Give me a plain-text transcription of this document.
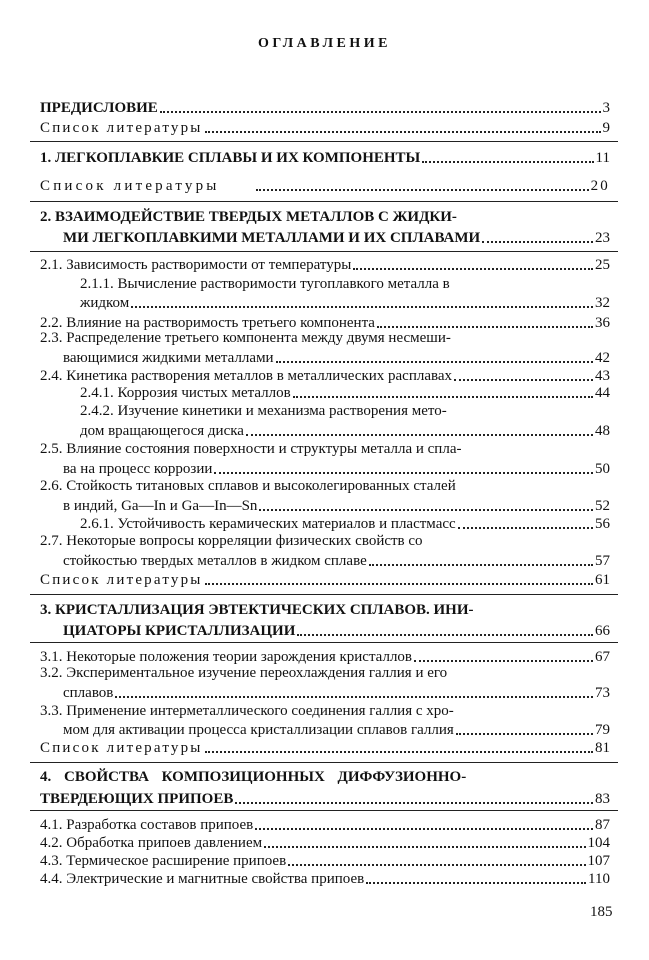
ОГЛАВЛЕНИЕ
ПРЕДИСЛОВИЕ	3
Список литературы	9
1. ЛЕГКОПЛАВКИЕ СПЛАВЫ И ИХ КОМПОНЕНТЫ	11
Список литературы	20
2. ВЗАИМОДЕЙСТВИЕ ТВЕРДЫХ МЕТАЛЛОВ С ЖИДКИ-
МИ ЛЕГКОПЛАВКИМИ МЕТАЛЛАМИ И ИХ СПЛАВАМИ	23
2.1. Зависимость растворимости от температуры	25
2.1.1. Вычисление растворимости тугоплавкого металла в
жидком	32
2.2. Влияние на растворимость третьего компонента	36
2.3. Распределение третьего компонента между двумя несмеши-
вающимися жидкими металлами	42
2.4. Кинетика растворения металлов в металлических расплавах	43
2.4.1. Коррозия чистых металлов	44
2.4.2. Изучение кинетики и механизма растворения мето-
дом вращающегося диска	48
2.5. Влияние состояния поверхности и структуры металла и спла-
ва на процесс коррозии	50
2.6. Стойкость титановых сплавов и высоколегированных сталей
в индий, Ga—In и Ga—In—Sn	52
2.6.1. Устойчивость керамических материалов и пластмасс	56
2.7. Некоторые вопросы корреляции физических свойств со
стойкостью твердых металлов в жидком сплаве	57
Список литературы	61
3. КРИСТАЛЛИЗАЦИЯ ЭВТЕКТИЧЕСКИХ СПЛАВОВ. ИНИ-
ЦИАТОРЫ КРИСТАЛЛИЗАЦИИ	66
3.1. Некоторые положения теории зарождения кристаллов	67
3.2. Экспериментальное изучение переохлаждения галлия и его
сплавов	73
3.3. Применение интерметаллического соединения галлия с хро-
мом для активации процесса кристаллизации сплавов галлия	79
Список литературы	81
4. СВОЙСТВА КОМПОЗИЦИОННЫХ ДИФФУЗИОННО-
ТВЕРДЕЮЩИХ ПРИПОЕВ	83
4.1. Разработка составов припоев	87
4.2. Обработка припоев давлением	104
4.3. Термическое расширение припоев	107
4.4. Электрические и магнитные свойства припоев	110
185
